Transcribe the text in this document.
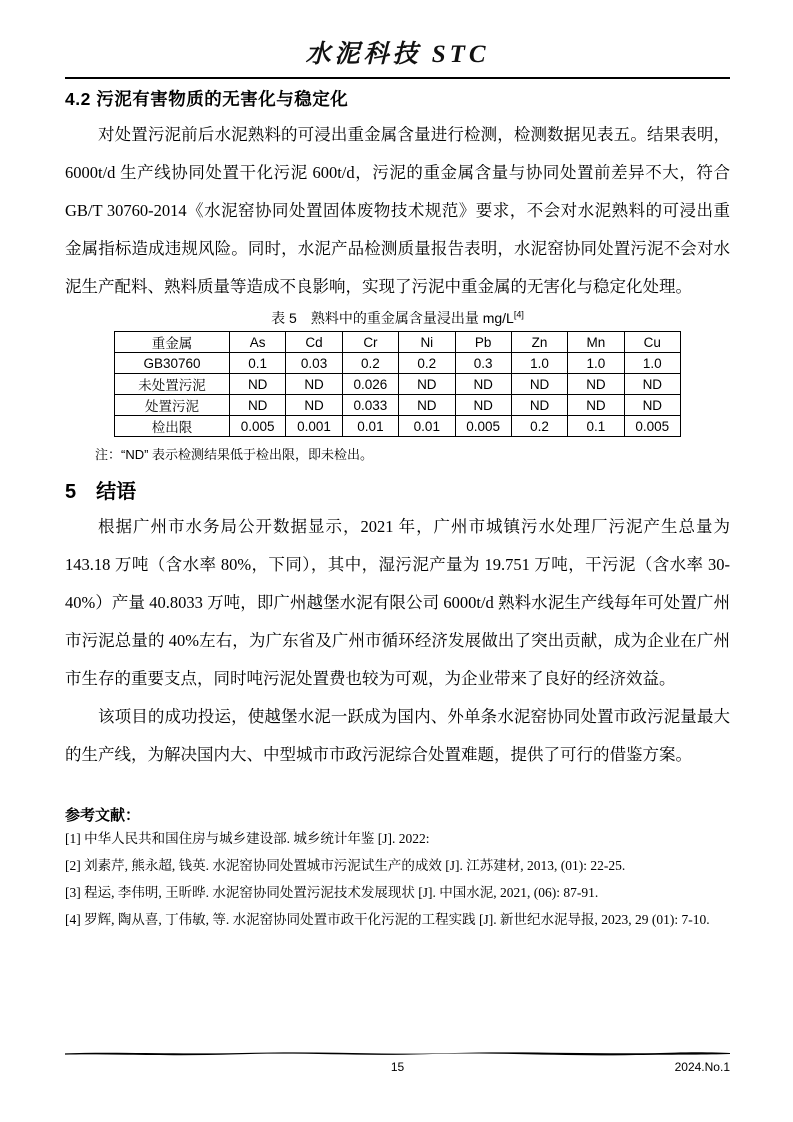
水泥科技 STC
4.2 污泥有害物质的无害化与稳定化

对处置污泥前后水泥熟料的可浸出重金属含量进行检测，检测数据见表五。结果表明，6000t/d 生产线协同处置干化污泥 600t/d，污泥的重金属含量与协同处置前差异不大，符合 GB/T 30760-2014《水泥窑协同处置固体废物技术规范》要求，不会对水泥熟料的可浸出重金属指标造成违规风险。同时，水泥产品检测质量报告表明，水泥窑协同处置污泥不会对水泥生产配料、熟料质量等造成不良影响，实现了污泥中重金属的无害化与稳定化处理。

表 5　熟料中的重金属含量浸出量 mg/L[4]
重金属	As	Cd	Cr	Ni	Pb	Zn	Mn	Cu
GB30760	0.1	0.03	0.2	0.2	0.3	1.0	1.0	1.0
未处置污泥	ND	ND	0.026	ND	ND	ND	ND	ND
处置污泥	ND	ND	0.033	ND	ND	ND	ND	ND
检出限	0.005	0.001	0.01	0.01	0.005	0.2	0.1	0.005
注：“ND” 表示检测结果低于检出限，即未检出。
5　结语

根据广州市水务局公开数据显示，2021 年，广州市城镇污水处理厂污泥产生总量为 143.18 万吨（含水率 80%，下同），其中，湿污泥产量为 19.751 万吨，干污泥（含水率 30-40%）产量 40.8033 万吨，即广州越堡水泥有限公司 6000t/d 熟料水泥生产线每年可处置广州市污泥总量的 40%左右，为广东省及广州市循环经济发展做出了突出贡献，成为企业在广州市生存的重要支点，同时吨污泥处置费也较为可观，为企业带来了良好的经济效益。

该项目的成功投运，使越堡水泥一跃成为国内、外单条水泥窑协同处置市政污泥量最大的生产线，为解决国内大、中型城市市政污泥综合处置难题，提供了可行的借鉴方案。

参考文献：
[1] 中华人民共和国住房与城乡建设部. 城乡统计年鉴 [J]. 2022:
[2] 刘素芹, 熊永超, 钱英. 水泥窑协同处置城市污泥试生产的成效 [J]. 江苏建材, 2013, (01): 22-25.
[3] 程运, 李伟明, 王昕晔. 水泥窑协同处置污泥技术发展现状 [J]. 中国水泥, 2021, (06): 87-91.
[4] 罗辉, 陶从喜, 丁伟敏, 等. 水泥窑协同处置市政干化污泥的工程实践 [J]. 新世纪水泥导报, 2023, 29 (01): 7-10.
15	2024.No.1
